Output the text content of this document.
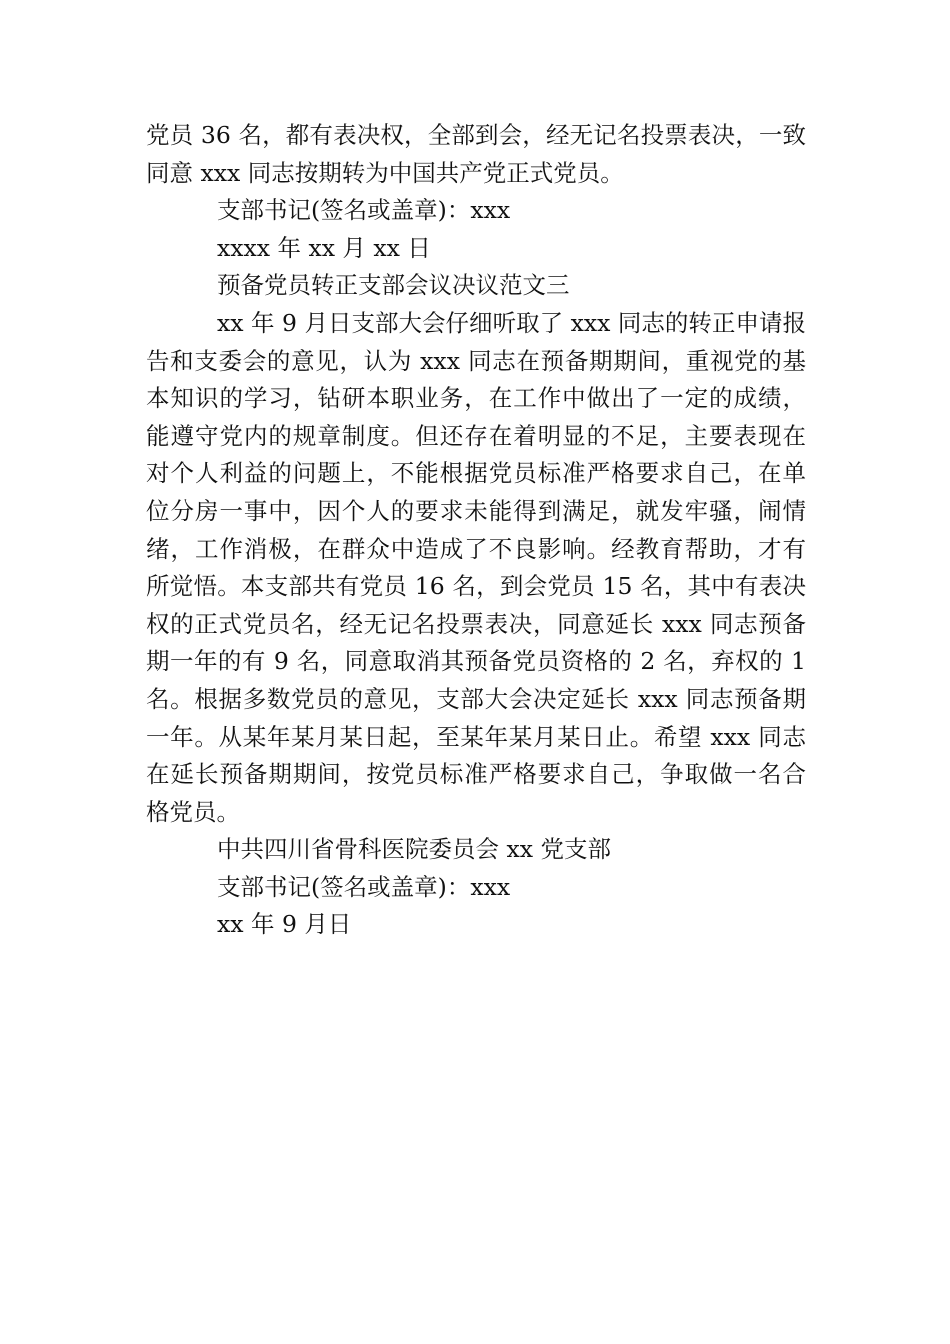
党员 36 名，都有表决权，全部到会，经无记名投票表决，一致
同意 xxx 同志按期转为中国共产党正式党员。
支部书记(签名或盖章)：xxx
xxxx 年 xx 月 xx 日
预备党员转正支部会议决议范文三
xx 年 9 月日支部大会仔细听取了 xxx 同志的转正申请报
告和支委会的意见，认为 xxx 同志在预备期期间，重视党的基
本知识的学习，钻研本职业务，在工作中做出了一定的成绩，
能遵守党内的规章制度。但还存在着明显的不足，主要表现在
对个人利益的问题上，不能根据党员标准严格要求自己，在单
位分房一事中，因个人的要求未能得到满足，就发牢骚，闹情
绪，工作消极，在群众中造成了不良影响。经教育帮助，才有
所觉悟。本支部共有党员 16 名，到会党员 15 名，其中有表决
权的正式党员名，经无记名投票表决，同意延长 xxx 同志预备
期一年的有 9 名，同意取消其预备党员资格的 2 名，弃权的 1
名。根据多数党员的意见，支部大会决定延长 xxx 同志预备期
一年。从某年某月某日起，至某年某月某日止。希望 xxx 同志
在延长预备期期间，按党员标准严格要求自己，争取做一名合
格党员。
中共四川省骨科医院委员会 xx 党支部
支部书记(签名或盖章)：xxx
xx 年 9 月日
